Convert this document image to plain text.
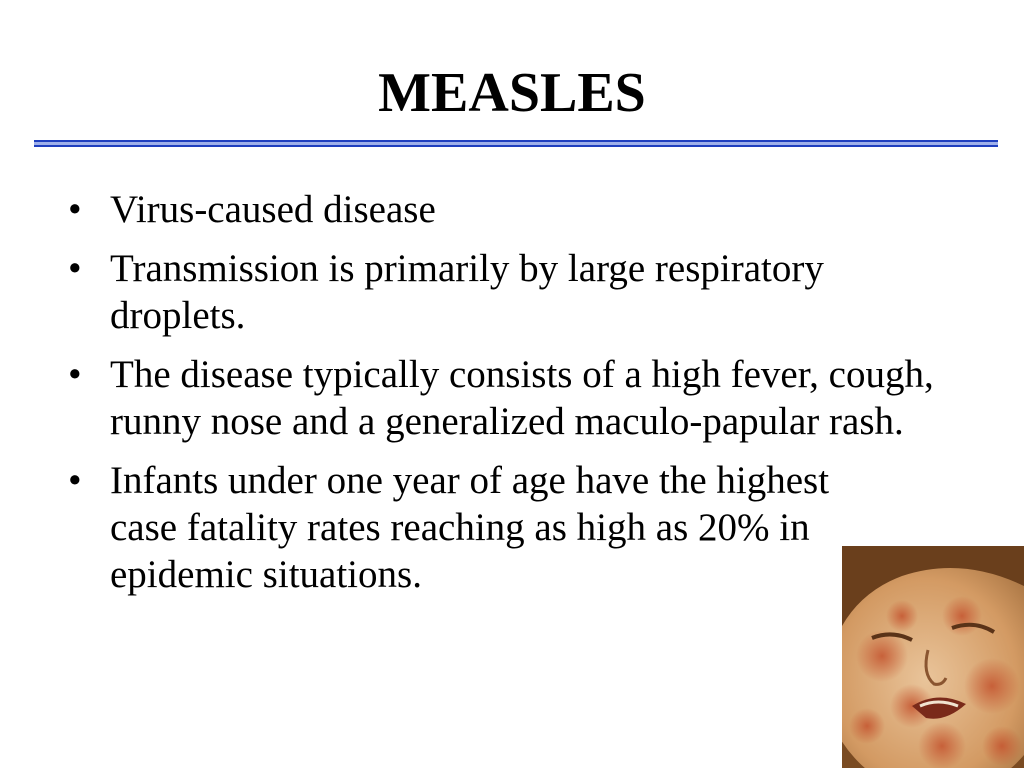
MEASLES
• Virus-caused disease
• Transmission is primarily by large respiratory droplets.
• The disease typically consists of a high fever, cough, runny nose and a generalized maculo-papular rash.
• Infants under one year of age have the highest case fatality rates reaching as high as 20% in epidemic situations.
